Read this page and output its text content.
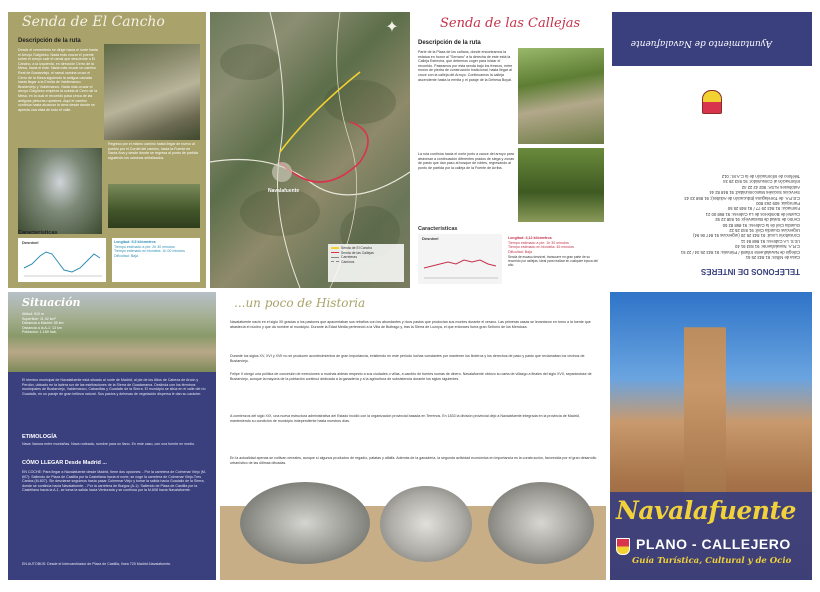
Senda de El Cancho
Descripción de la ruta
Desde el cementerio se dirige hacia el norte hasta el Arroyo Galgüeso. Nada más cruzar el puente sobre el arroyo sale el ramal que desciende a El Cancho, a la izquierda, en dirección Cerro de la Mesa, hacia el este. Nada más cruzar un camino Real de Bustarviejo, el ramal camina cruzo el Cerro de la Mesa siguiendo la antigua calzada hasta llegar a la Ermita de Valdemanco. Bustarviejo y Valdemanco. Nada más cruzar el arroyo Galgüeso empieza la subida al Cerro de la Mesa, en la cual el recorrido pasa cerca de las antiguas pinturas rupestres. Aquí el camino continúa hasta alcanzar la cima desde donde se aprecia una vista de todo el valle.
Regreso por el mismo camino hasta llegar de nuevo al pueblo por el Cordel del camino, hacia la Fuente de Santa Ana y desde donde se regresa al punto de partida siguiendo los caminos señalizados.
Características
Desnivel	Longitud: 5,5 kilómetros
Tiempo estimado a pie: 2h 30 minutos
Tiempo estimado en bicicleta: 1h 00 minutos
Dificultad: Baja
✦
Navalafuente
Senda de El Cancho
Senda de las Callejas
Carreteras
Caminos
Senda de las Callejas
Descripción de la ruta
Parte de la Plaza de los cañaos, donde encontramos la estatua en honor al "Serrano" a la derecha de este está la Calleja Estrecha, que debemos coger para iniciar el recorrido. Paseamos por esta senda bajo los fresnos, entre muros de piedra de construcción tradicional, hasta llegar al cruce con la calleja del Arroyo. Continuamos la calleja ascendente hasta la ermita y el paraje de la Dehesa Boyal.
La ruta continúa hacia el norte junto a cauce del arroyo para atravesar a continuación diferentes prados de siega y zonas de pasto que dan paso al bosque de robles, regresando al punto de partida por la calleja de la Fuente de Arriba.
Características
Desnivel	Longitud: 3,12 kilómetros
Tiempo estimado a pie: 1h 30 minutos
Tiempo estimado en bicicleta: 45 minutos
Dificultad: Baja
Senda de escaso desnivel, transcurre en gran parte de su recorrido por callejas. Ideal para realizar en cualquier época del año.
Ayuntamiento de Navalafuente
TELÉFONOS DE INTERÉS
Casa de Niños: 91 843 25 61
Colegio de Navalafuente Infantil / Primaria: 91 843 25 34 / 22 51
C.R.A. Navalafuente: 91 843 91 40
I.E.S. LA Cabrera: 91 868 84 11
Consultorio Local: 91 843 25 20 (urgencias 91 847 06 94)
Urgencias Guardia Civil: 91 843 25 22
Guardia Civil de la Cabrera: 91 868 82 50
Centro de Salud de Bustarviejo: 91 848 22 92
Cuartel de Bomberos de La Cabrera: 91 868 00 21
Farmacia: 91 843 29 77 / 91 848 25 50
Parroquia: 609 263 800
C.E.P.A. de Torrelaguna (Educación de Adultos): 91 868 23 43
Servicios Sociales Mancomunidad: 91 848 82 44
Autobuses ALSA: 902 42 22 42
Información al Consumidor: 91 843 29 34
Teléfono de Información de la C.A.M.: 012
Situación
Altitud: 910 m
Superficie: 11,92 km²
Distancia a Madrid: 55 km
Distancia a la A-1: 13 km
Población: 1.169 hab.
El término municipal de Navalafuente está situado al norte de Madrid, al pie de los Altos de Cabeza de Arcón y Perdón, ubicado en la ladera sur de las estribaciones de la Sierra de Guadarrama. Deslinda con los términos municipales de Bustarviejo, Valdemanco, Cabanillas y Guadalix de la Sierra. El municipio se sitúa en el valle del río Guadalix, en un paraje de gran belleza natural. Sus pastos y dehesas de vegetación dispersa le dan su carácter.
ETIMOLOGÍA
Nava: llanura entre montañas. Nava rodeada, nombre para un llano. En este caso, con una fuente en medio.
CÓMO LLEGAR Desde Madrid ...
EN COCHE: Para llegar a Navalafuente desde Madrid, tiene dos opciones: - Por la carretera de Colmenar Viejo (M-607): Saliendo de Plaza de Castilla por la Castellana hacia el norte, se coge la carretera de Colmenar Viejo-Tres Cantos (M-607). Sin desviarse seguimos hasta pasar Colmenar Viejo y tomar la salida hacia Guadalix de la Sierra, donde se continúa hacia Navalafuente. - Por la carretera de Burgos (A-1): Saliendo de Plaza de Castilla por la Castellana hacia la A-1, se toma la salida hacia Venturada y se continúa por la M-608 hacia Navalafuente.
EN AUTOBÚS: Desde el Intercambiador de Plaza de Castilla, línea 725 Madrid-Navalafuente.
...un poco de Historia
Navalafuente nació en el siglo XII gracias a los pastores que apacentaban sus rebaños con los abundantes y ricos pastos que producían sus montes durante el verano. Las primeras casas se levantaron en torno a la fuente que abastecía el núcleo y que da nombre al municipio. Durante la Edad Media perteneció a la Villa de Buitrago y, tras la Sierra de Lozoya, el que entonces fuera gran Señorío de los Mendoza.
Durante los siglos XV, XVI y XVII no se producen acontecimientos de gran importancia, existiendo en este período luchas constantes por mantener los linderos y los derechos de paso y pasto que reclamaban los vecinos de Bustarviejo.
Felipe II otorgó una política de concesión de exenciones a muchas aldeas respecto a sus ciudades o villas, a cambio de fuertes sumas de dinero. Navalafuente obtuvo su carta de villazgo a finales del siglo XVII, separándose de Bustarviejo, aunque la mayoría de la población continuó dedicada a la ganadería y a la agricultura de subsistencia durante los siglos siguientes.
A comienzos del siglo XIX, una nueva estructura administrativa del Estado incidió con la organización provincial basada en Terrenos. En 1833 la división provincial dejó a Navalafuente integrada en la provincia de Madrid, manteniendo su condición de municipio independiente hasta nuestros días.
En la actualidad apenas se cultivan cereales, aunque sí algunos productos de regadío, patatas y alfalfa. Además de la ganadería, la segunda actividad económica en importancia es la construcción, favorecida por el gran desarrollo urbanístico de las últimas décadas.
Navalafuente
PLANO - CALLEJERO
Guía Turística, Cultural y de Ocio
